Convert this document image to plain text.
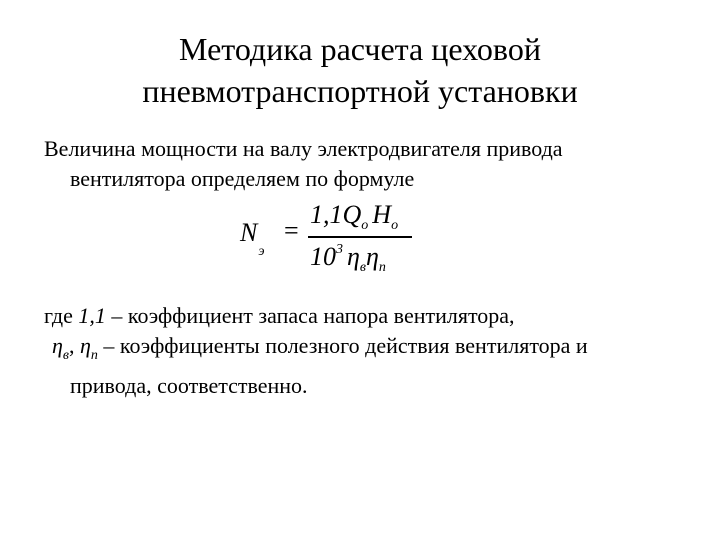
Методика расчета цеховой
пневмотранспортной установки
Величина мощности на валу электродвигателя привода
вентилятора определяем по формуле
$N_э$
=
$1,1Q_о$ $H_о$
$10^3$ $\eta_в\eta_п$
где 1,1 – коэффициент запаса напора вентилятора,
$\eta_в$, $\eta_п$ – коэффициенты полезного действия вентилятора и
привода, соответственно.
